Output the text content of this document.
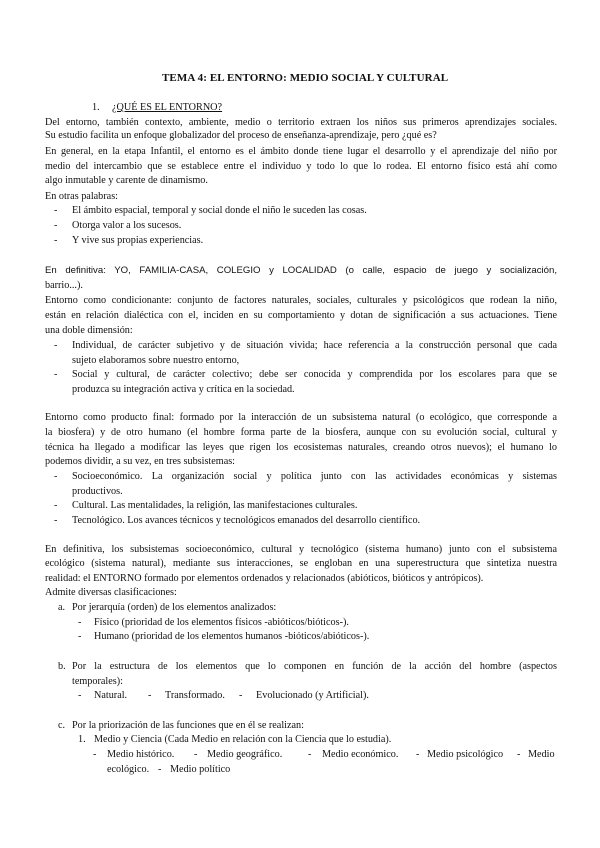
TEMA 4: EL ENTORNO: MEDIO SOCIAL Y CULTURAL
1. ¿QUÉ ES EL ENTORNO?
Del entorno, también contexto, ambiente, medio o territorio extraen los niños sus primeros aprendizajes sociales.
Su estudio facilita un enfoque globalizador del proceso de enseñanza-aprendizaje, pero ¿qué es?
En general, en la etapa Infantil, el entorno es el ámbito donde tiene lugar el desarrollo y el aprendizaje del niño por
medio del intercambio que se establece entre el individuo y todo lo que lo rodea. El entorno físico está ahí como
algo inmutable y carente de dinamismo.
En otras palabras:
- El ámbito espacial, temporal y social donde el niño le suceden las cosas.
- Otorga valor a los sucesos.
- Y vive sus propias experiencias.
En definitiva: YO, FAMILIA-CASA, COLEGIO y LOCALIDAD (o calle, espacio de juego y socialización,
barrio...).
Entorno como condicionante: conjunto de factores naturales, sociales, culturales y psicológicos que rodean la niño,
están en relación dialéctica con el, inciden en su comportamiento y dotan de significación a sus actuaciones. Tiene
una doble dimensión:
- Individual, de carácter subjetivo y de situación vivida; hace referencia a la construcción personal que cada
sujeto elaboramos sobre nuestro entorno,
- Social y cultural, de carácter colectivo; debe ser conocida y comprendida por los escolares para que se
produzca su integración activa y crítica en la sociedad.
Entorno como producto final: formado por la interacción de un subsistema natural (o ecológico, que corresponde a
la biosfera) y de otro humano (el hombre forma parte de la biosfera, aunque con su evolución social, cultural y
técnica ha llegado a modificar las leyes que rigen los ecosistemas naturales, creando otros nuevos); el humano lo
podemos dividir, a su vez, en tres subsistemas:
- Socioeconómico. La organización social y política junto con las actividades económicas y sistemas
productivos.
- Cultural. Las mentalidades, la religión, las manifestaciones culturales.
- Tecnológico. Los avances técnicos y tecnológicos emanados del desarrollo científico.
En definitiva, los subsistemas socioeconómico, cultural y tecnológico (sistema humano) junto con el subsistema
ecológico (sistema natural), mediante sus interacciones, se engloban en una superestructura que sintetiza nuestra
realidad: el ENTORNO formado por elementos ordenados y relacionados (abióticos, bióticos y antrópicos).
Admite diversas clasificaciones:
a. Por jerarquía (orden) de los elementos analizados:
- Físico (prioridad de los elementos físicos -abióticos/bióticos-).
- Humano (prioridad de los elementos humanos -bióticos/abióticos-).
b. Por la estructura de los elementos que lo componen en función de la acción del hombre (aspectos
temporales):
- Natural. - Transformado. - Evolucionado (y Artificial).
c. Por la priorización de las funciones que en él se realizan:
1. Medio y Ciencia (Cada Medio en relación con la Ciencia que lo estudia).
- Medio histórico. - Medio geográfico.	- Medio económico. - Medio psicológico - Medio
ecológico. - Medio político
